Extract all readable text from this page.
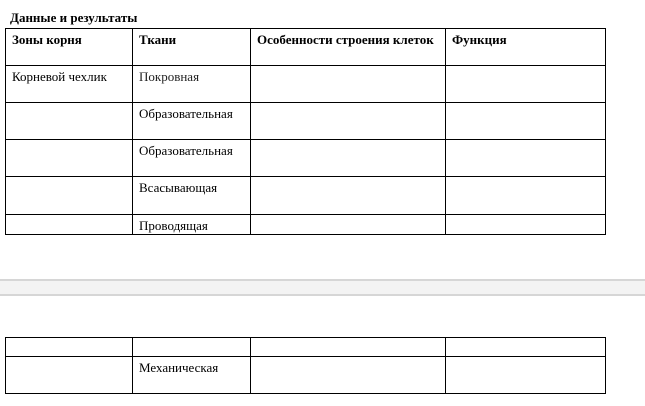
Данные и результаты
Зоны корня	Ткани	Особенности строения клеток	Функция
Корневой чехлик	Покровная		
	Образовательная		
	Образовательная		
	Всасывающая		
	Проводящая		

	Механическая		
